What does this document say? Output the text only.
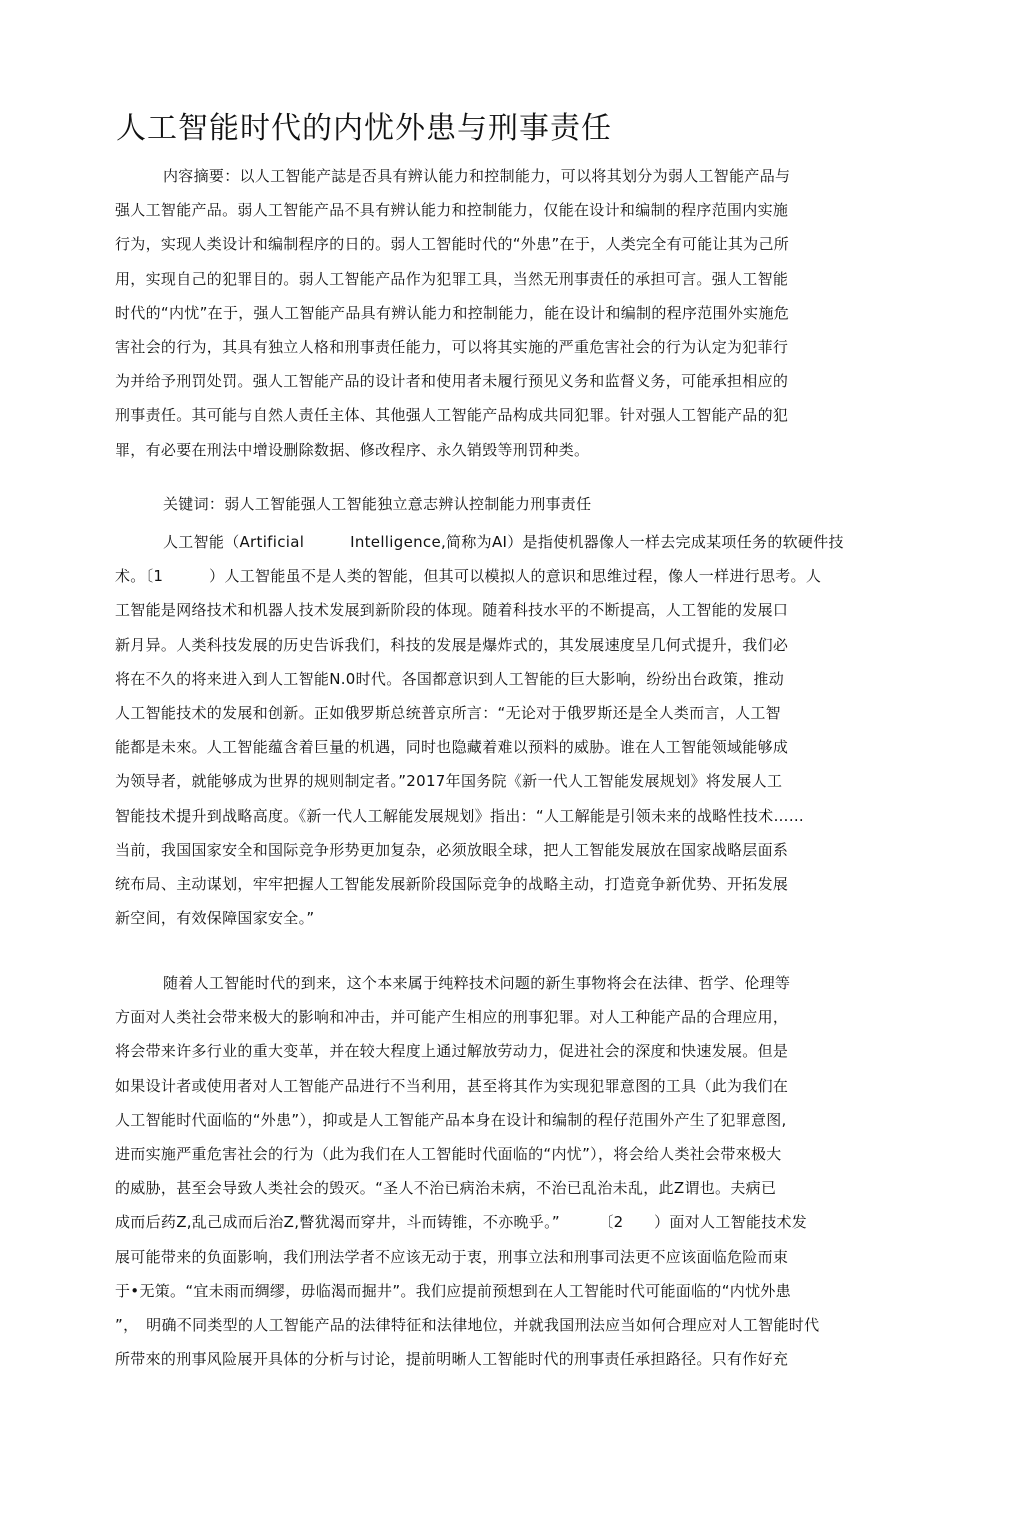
人工智能时代的内忧外患与刑事责任
内容摘要：以人工智能产誌是否具有辨认能力和控制能力，可以将其划分为弱人工智能产品与
强人工智能产品。弱人工智能产品不具有辨认能力和控制能力，仅能在设计和编制的程序范围内实施
行为，实现人类设计和编制程序的日的。弱人工智能时代的“外患”在于，人类完全有可能让其为己所
用，实现自己的犯罪目的。弱人工智能产品作为犯罪工具，当然无刑事责任的承担可言。强人工智能
时代的“内忧”在于，强人工智能产品具有辨认能力和控制能力，能在设计和编制的程序范围外实施危
害社会的行为，其具有独立人格和刑事责任能力，可以将其实施的严重危害社会的行为认定为犯菲行
为并给予刑罚处罚。强人工智能产品的设计者和使用者未履行预见义务和监督义务，可能承担相应的
刑事责任。其可能与自然人责任主体、其他强人工智能产品构成共同犯罪。针对强人工智能产品的犯
罪，有必要在刑法中增设删除数据、修改程序、永久销毁等刑罚种类。
关键词：弱人工智能强人工智能独立意志辨认控制能力刑事责任
人工智能（Artificial　　　Intelligence,简称为AI）是指使机器像人一样去完成某项任务的软硬件技
术。〔1　　　）人工智能虽不是人类的智能，但其可以模拟人的意识和思维过程，像人一样进行思考。人
工智能是网络技术和机器人技术发展到新阶段的体现。随着科技水平的不断提高，人工智能的发展口
新月异。人类科技发展的历史告诉我们，科技的发展是爆炸式的，其发展速度呈几何式提升，我们必
将在不久的将来进入到人工智能N.0时代。各国都意识到人工智能的巨大影响，纷纷出台政策，推动
人工智能技术的发展和创新。正如俄罗斯总统普京所言：“无论对于俄罗斯还是全人类而言，人工智
能都是未來。人工智能蕴含着巨量的机遇，同时也隐藏着难以预料的威胁。谁在人工智能领域能够成
为领导者，就能够成为世界的规则制定者。”2017年国务院《新一代人工智能发展规划》将发展人工
智能技术提升到战略高度。《新一代人工解能发展规划》指出：“人工解能是引领未来的战略性技术……
当前，我国国家安全和国际竞争形势更加复杂，必须放眼全球，把人工智能发展放在国家战略层面系
统布局、主动谋划，牢牢把握人工智能发展新阶段国际竞争的战略主动，打造竟争新优势、开拓发展
新空间，有效保障国家安全。”
随着人工智能时代的到来，这个本来属于纯粹技术问题的新生事物将会在法律、哲学、伦理等
方面对人类社会带来极大的影响和冲击，并可能产生相应的刑事犯罪。对人工种能产品的合理应用，
将会带来许多行业的重大变革，并在较大程度上通过解放劳动力，促进社会的深度和快速发展。但是
如果设计者或使用者对人工智能产品进行不当利用，甚至将其作为实现犯罪意图的工具（此为我们在
人工智能时代面临的“外患”），抑或是人工智能产品本身在设计和编制的程仔范围外产生了犯罪意图,
进而实施严重危害社会的行为（此为我们在人工智能时代面临的“内忧”），将会给人类社会带來极大
的威胁，甚至会导致人类社会的毁灭。“圣人不治已病治未病，不治已乱治未乱，此Z谓也。夫病已
成而后药Z,乱己成而后治Z,瞥犹渴而穿井，斗而铸锥，不亦晩乎。”　　　〔2　　）面对人工智能技术发
展可能带来的负面影响，我们刑法学者不应该无动于衷，刑事立法和刑事司法更不应该面临危险而束
于•无策。“宜未雨而绸缪，毋临渴而掘井”。我们应提前预想到在人工智能时代可能面临的“内忧外患
”，　明确不同类型的人工智能产品的法律特征和法律地位，并就我国刑法应当如何合理应对人工智能时代
所带來的刑事风险展开具体的分析与讨论，提前明晰人工智能时代的刑事责任承担路径。只有作好充
